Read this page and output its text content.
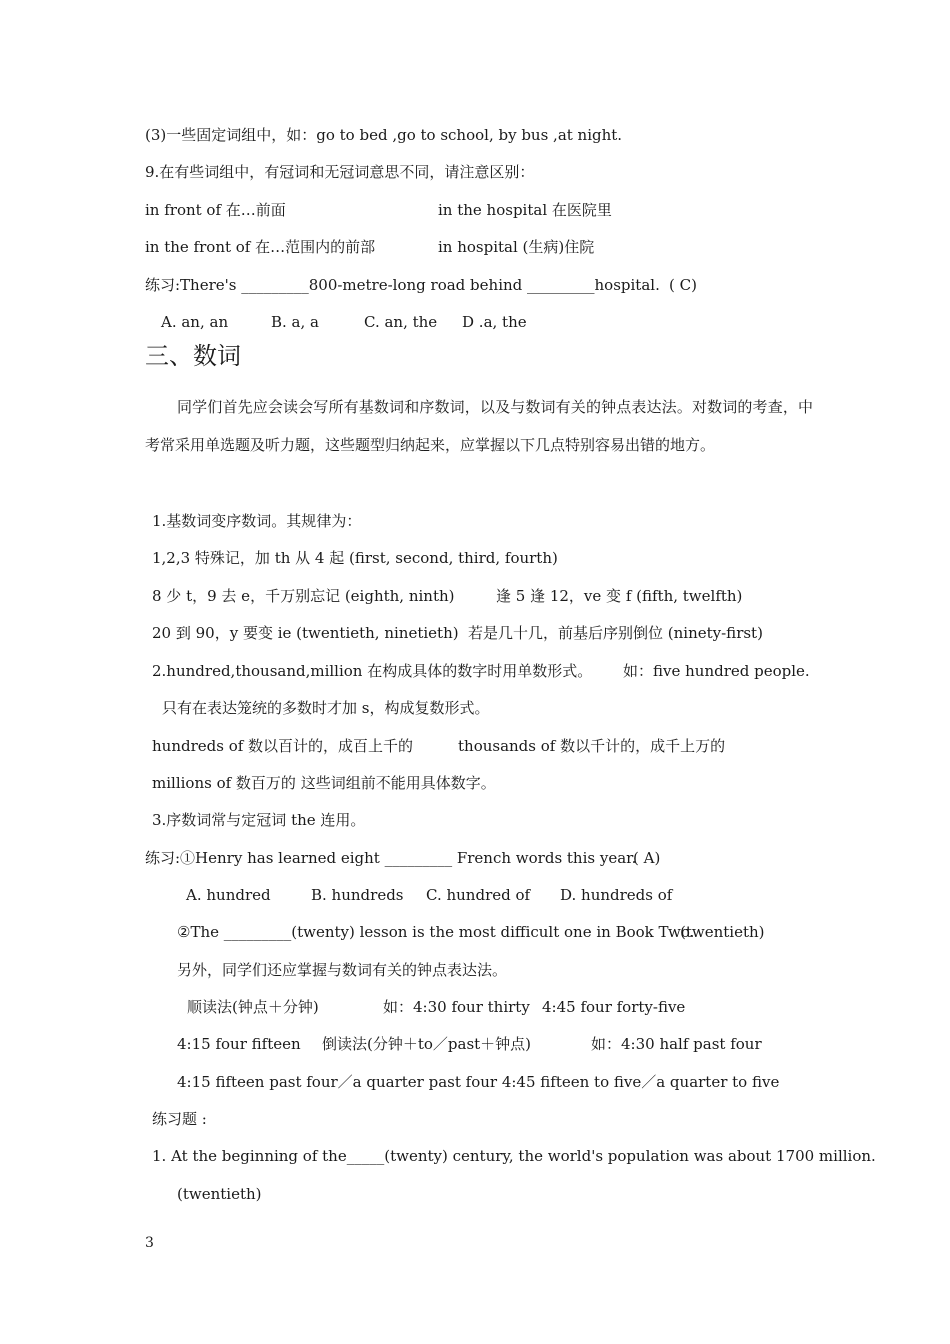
(3)一些固定词组中，如：go to bed ,go to school, by bus ,at night.
9.在有些词组中，有冠词和无冠词意思不同，请注意区别：
in front of 在…前面	in the hospital 在医院里
in the front of 在…范围内的前部	in hospital (生病)住院
练习:There's _________800-metre-long road behind _________hospital. ( C)
A. an, an	B. a, a	C. an, the D .a, the
三、数词
同学们首先应会读会写所有基数词和序数词，以及与数词有关的钟点表达法。对数词的考查，中考常采用单选题及听力题，这些题型归纳起来，应掌握以下几点特别容易出错的地方。
1.基数词变序数词。其规律为：
1,2,3 特殊记，加 th 从 4 起 (first, second, third, fourth)
8 少 t，9 去 e，千万别忘记 (eighth, ninth)	逢 5 逢 12，ve 变 f (fifth, twelfth)
20 到 90，y 要变 ie (twentieth, ninetieth) 若是几十几，前基后序别倒位 (ninety-first)
2.hundred,thousand,million 在构成具体的数字时用单数形式。 如：five hundred people.
只有在表达笼统的多数时才加 s，构成复数形式。
hundreds of 数以百计的，成百上千的	thousands of 数以千计的，成千上万的
millions of 数百万的 这些词组前不能用具体数字。
3.序数词常与定冠词 the 连用。
练习:①Henry has learned eight _________ French words this year.
( A)
A. hundred	B. hundreds C. hundred of D. hundreds of
②The _________(twenty) lesson is the most difficult one in Book Two.
(twentieth)
另外，同学们还应掌握与数词有关的钟点表达法。
顺读法(钟点＋分钟)	如：4:30 four thirty 4:45 four forty-five
4:15 four fifteen 倒读法(分钟＋to／past＋钟点)	如：4:30 half past four
4:15 fifteen past four／a quarter past four 4:45 fifteen to five／a quarter to five
练习题 :
1. At the beginning of the_____(twenty) century, the world's population was about 1700 million.
(twentieth)
3
